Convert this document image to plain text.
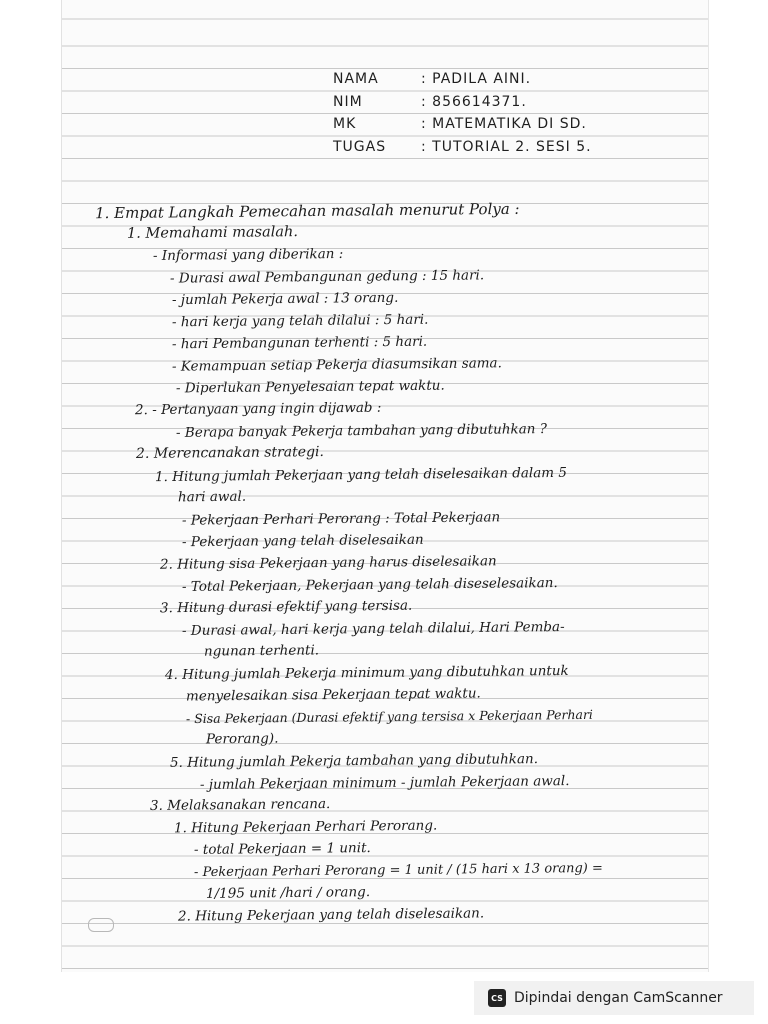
NAMA	: PADILA AINI.
NIM	: 856614371.
MK	: MATEMATIKA DI SD.
TUGAS	: TUTORIAL 2. SESI 5.
1. Empat Langkah Pemecahan masalah menurut Polya :
1. Memahami masalah.
- Informasi yang diberikan :
- Durasi awal Pembangunan gedung : 15 hari.
- jumlah Pekerja awal : 13 orang.
- hari kerja yang telah dilalui : 5 hari.
- hari Pembangunan terhenti : 5 hari.
- Kemampuan setiap Pekerja diasumsikan sama.
- Diperlukan Penyelesaian tepat waktu.
2. - Pertanyaan yang ingin dijawab :
- Berapa banyak Pekerja tambahan yang dibutuhkan ?
2. Merencanakan strategi.
1. Hitung jumlah Pekerjaan yang telah diselesaikan dalam 5
hari awal.
- Pekerjaan Perhari Perorang : Total Pekerjaan
- Pekerjaan yang telah diselesaikan
2. Hitung sisa Pekerjaan yang harus diselesaikan
- Total Pekerjaan, Pekerjaan yang telah diseselesaikan.
3. Hitung durasi efektif yang tersisa.
- Durasi awal, hari kerja yang telah dilalui, Hari Pemba-
ngunan terhenti.
4. Hitung jumlah Pekerja minimum yang dibutuhkan untuk
menyelesaikan sisa Pekerjaan tepat waktu.
- Sisa Pekerjaan (Durasi efektif yang tersisa x Pekerjaan Perhari
Perorang).
5. Hitung jumlah Pekerja tambahan yang dibutuhkan.
- jumlah Pekerjaan minimum - jumlah Pekerjaan awal.
3. Melaksanakan rencana.
1. Hitung Pekerjaan Perhari Perorang.
- total Pekerjaan = 1 unit.
- Pekerjaan Perhari Perorang = 1 unit / (15 hari x 13 orang) =
1/195 unit /hari / orang.
2. Hitung Pekerjaan yang telah diselesaikan.
CS Dipindai dengan CamScanner
